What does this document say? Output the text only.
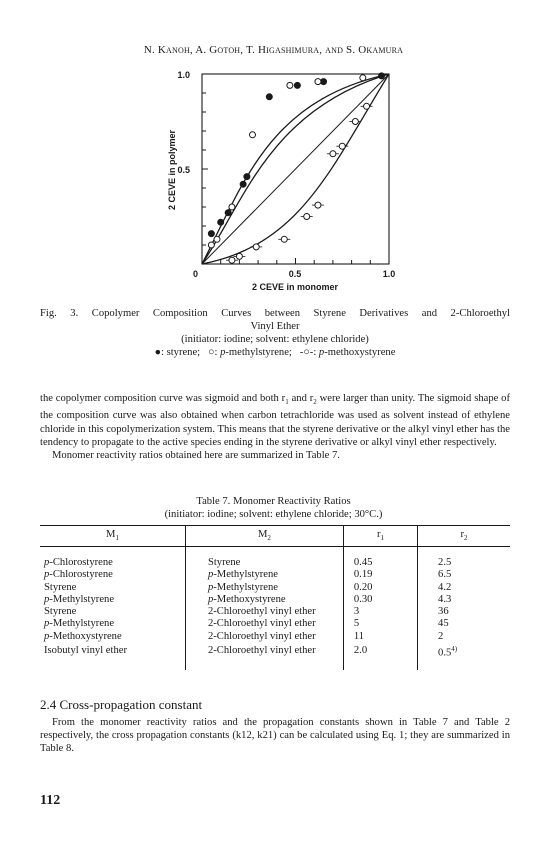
N. Kanoh, A. Gotoh, T. Higashimura, and S. Okamura
1.0
0.5
0	0.5	1.0
2 CEVE in monomer
2 CEVE in polymer
Fig. 3. Copolymer Composition Curves between Styrene Derivatives and 2-Chloroethyl
Vinyl Ether
(initiator: iodine; solvent: ethylene chloride)
●: styrene;   ○: p-methylstyrene;   -○-: p-methoxystyrene

the copolymer composition curve was sigmoid and both $r_1$ and $r_2$ were larger than unity. The sigmoid shape of the composition curve was also obtained when carbon tetrachloride was used as solvent instead of ethylene chloride in this copolymerization system. This means that the styrene derivative or the alkyl vinyl ether has the tendency to propagate to the active species ending in the styrene derivative or alkyl vinyl ether respectively.

Monomer reactivity ratios obtained here are summarized in Table 7.

Table 7. Monomer Reactivity Ratios
(initiator: iodine; solvent: ethylene chloride; 30°C.)
$M_1$	$M_2$	$r_1$	$r_2$
p-Chlorostyrene	Styrene	0.45	2.5
p-Chlorostyrene	p-Methylstyrene	0.19	6.5
Styrene	p-Methylstyrene	0.20	4.2
p-Methylstyrene	p-Methoxystyrene	0.30	4.3
Styrene	2-Chloroethyl vinyl ether	3	36
p-Methylstyrene	2-Chloroethyl vinyl ether	5	45
p-Methoxystyrene	2-Chloroethyl vinyl ether	11	2
Isobutyl vinyl ether	2-Chloroethyl vinyl ether	2.0	0.5$^{4)}$
2.4 Cross-propagation constant

From the monomer reactivity ratios and the propagation constants shown in Table 7 and Table 2 respectively, the cross propagation constants (k12, k21) can be calculated using Eq. 1; they are summarized in Table 8.

112
